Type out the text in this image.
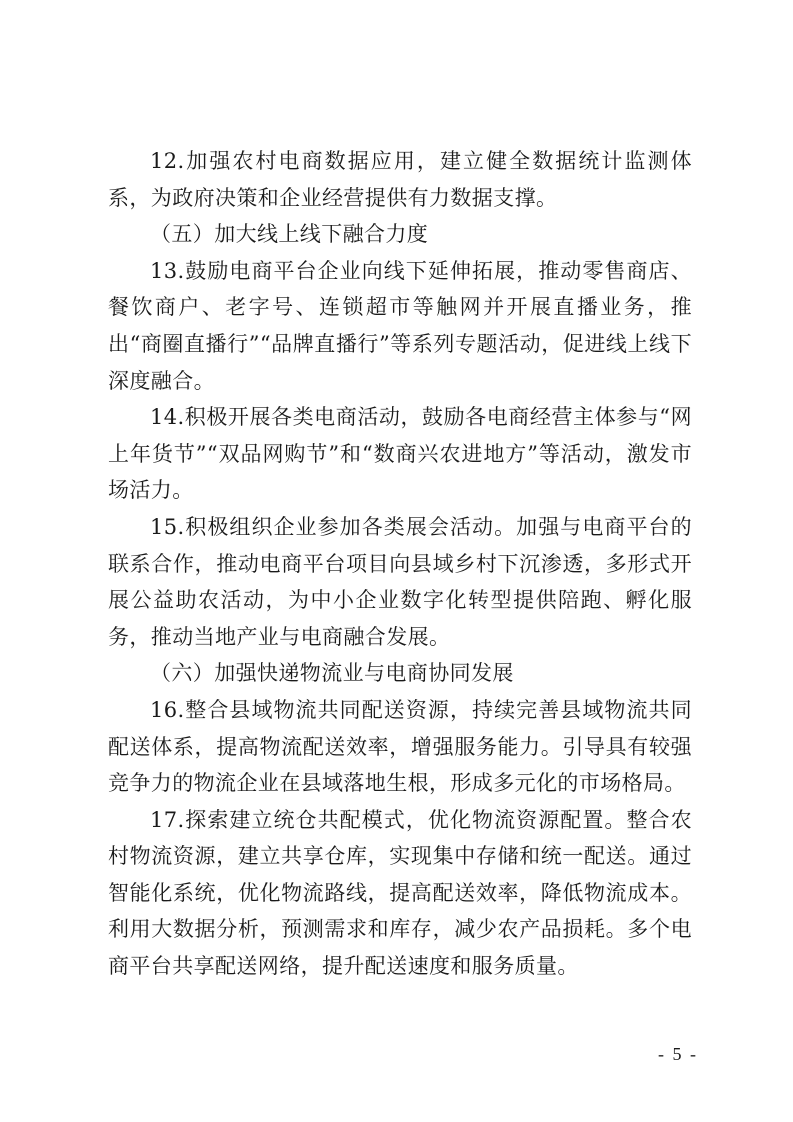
12.加强农村电商数据应用，建立健全数据统计监测体系，为政府决策和企业经营提供有力数据支撑。

（五）加大线上线下融合力度

13.鼓励电商平台企业向线下延伸拓展，推动零售商店、餐饮商户、老字号、连锁超市等触网并开展直播业务，推出“商圈直播行”“品牌直播行”等系列专题活动，促进线上线下深度融合。

14.积极开展各类电商活动，鼓励各电商经营主体参与“网上年货节”“双品网购节”和“数商兴农进地方”等活动，激发市场活力。

15.积极组织企业参加各类展会活动。加强与电商平台的联系合作，推动电商平台项目向县域乡村下沉渗透，多形式开展公益助农活动，为中小企业数字化转型提供陪跑、孵化服务，推动当地产业与电商融合发展。

（六）加强快递物流业与电商协同发展

16.整合县域物流共同配送资源，持续完善县域物流共同配送体系，提高物流配送效率，增强服务能力。引导具有较强竞争力的物流企业在县域落地生根，形成多元化的市场格局。

17.探索建立统仓共配模式，优化物流资源配置。整合农村物流资源，建立共享仓库，实现集中存储和统一配送。通过智能化系统，优化物流路线，提高配送效率，降低物流成本。利用大数据分析，预测需求和库存，减少农产品损耗。多个电商平台共享配送网络，提升配送速度和服务质量。

- 5 -
